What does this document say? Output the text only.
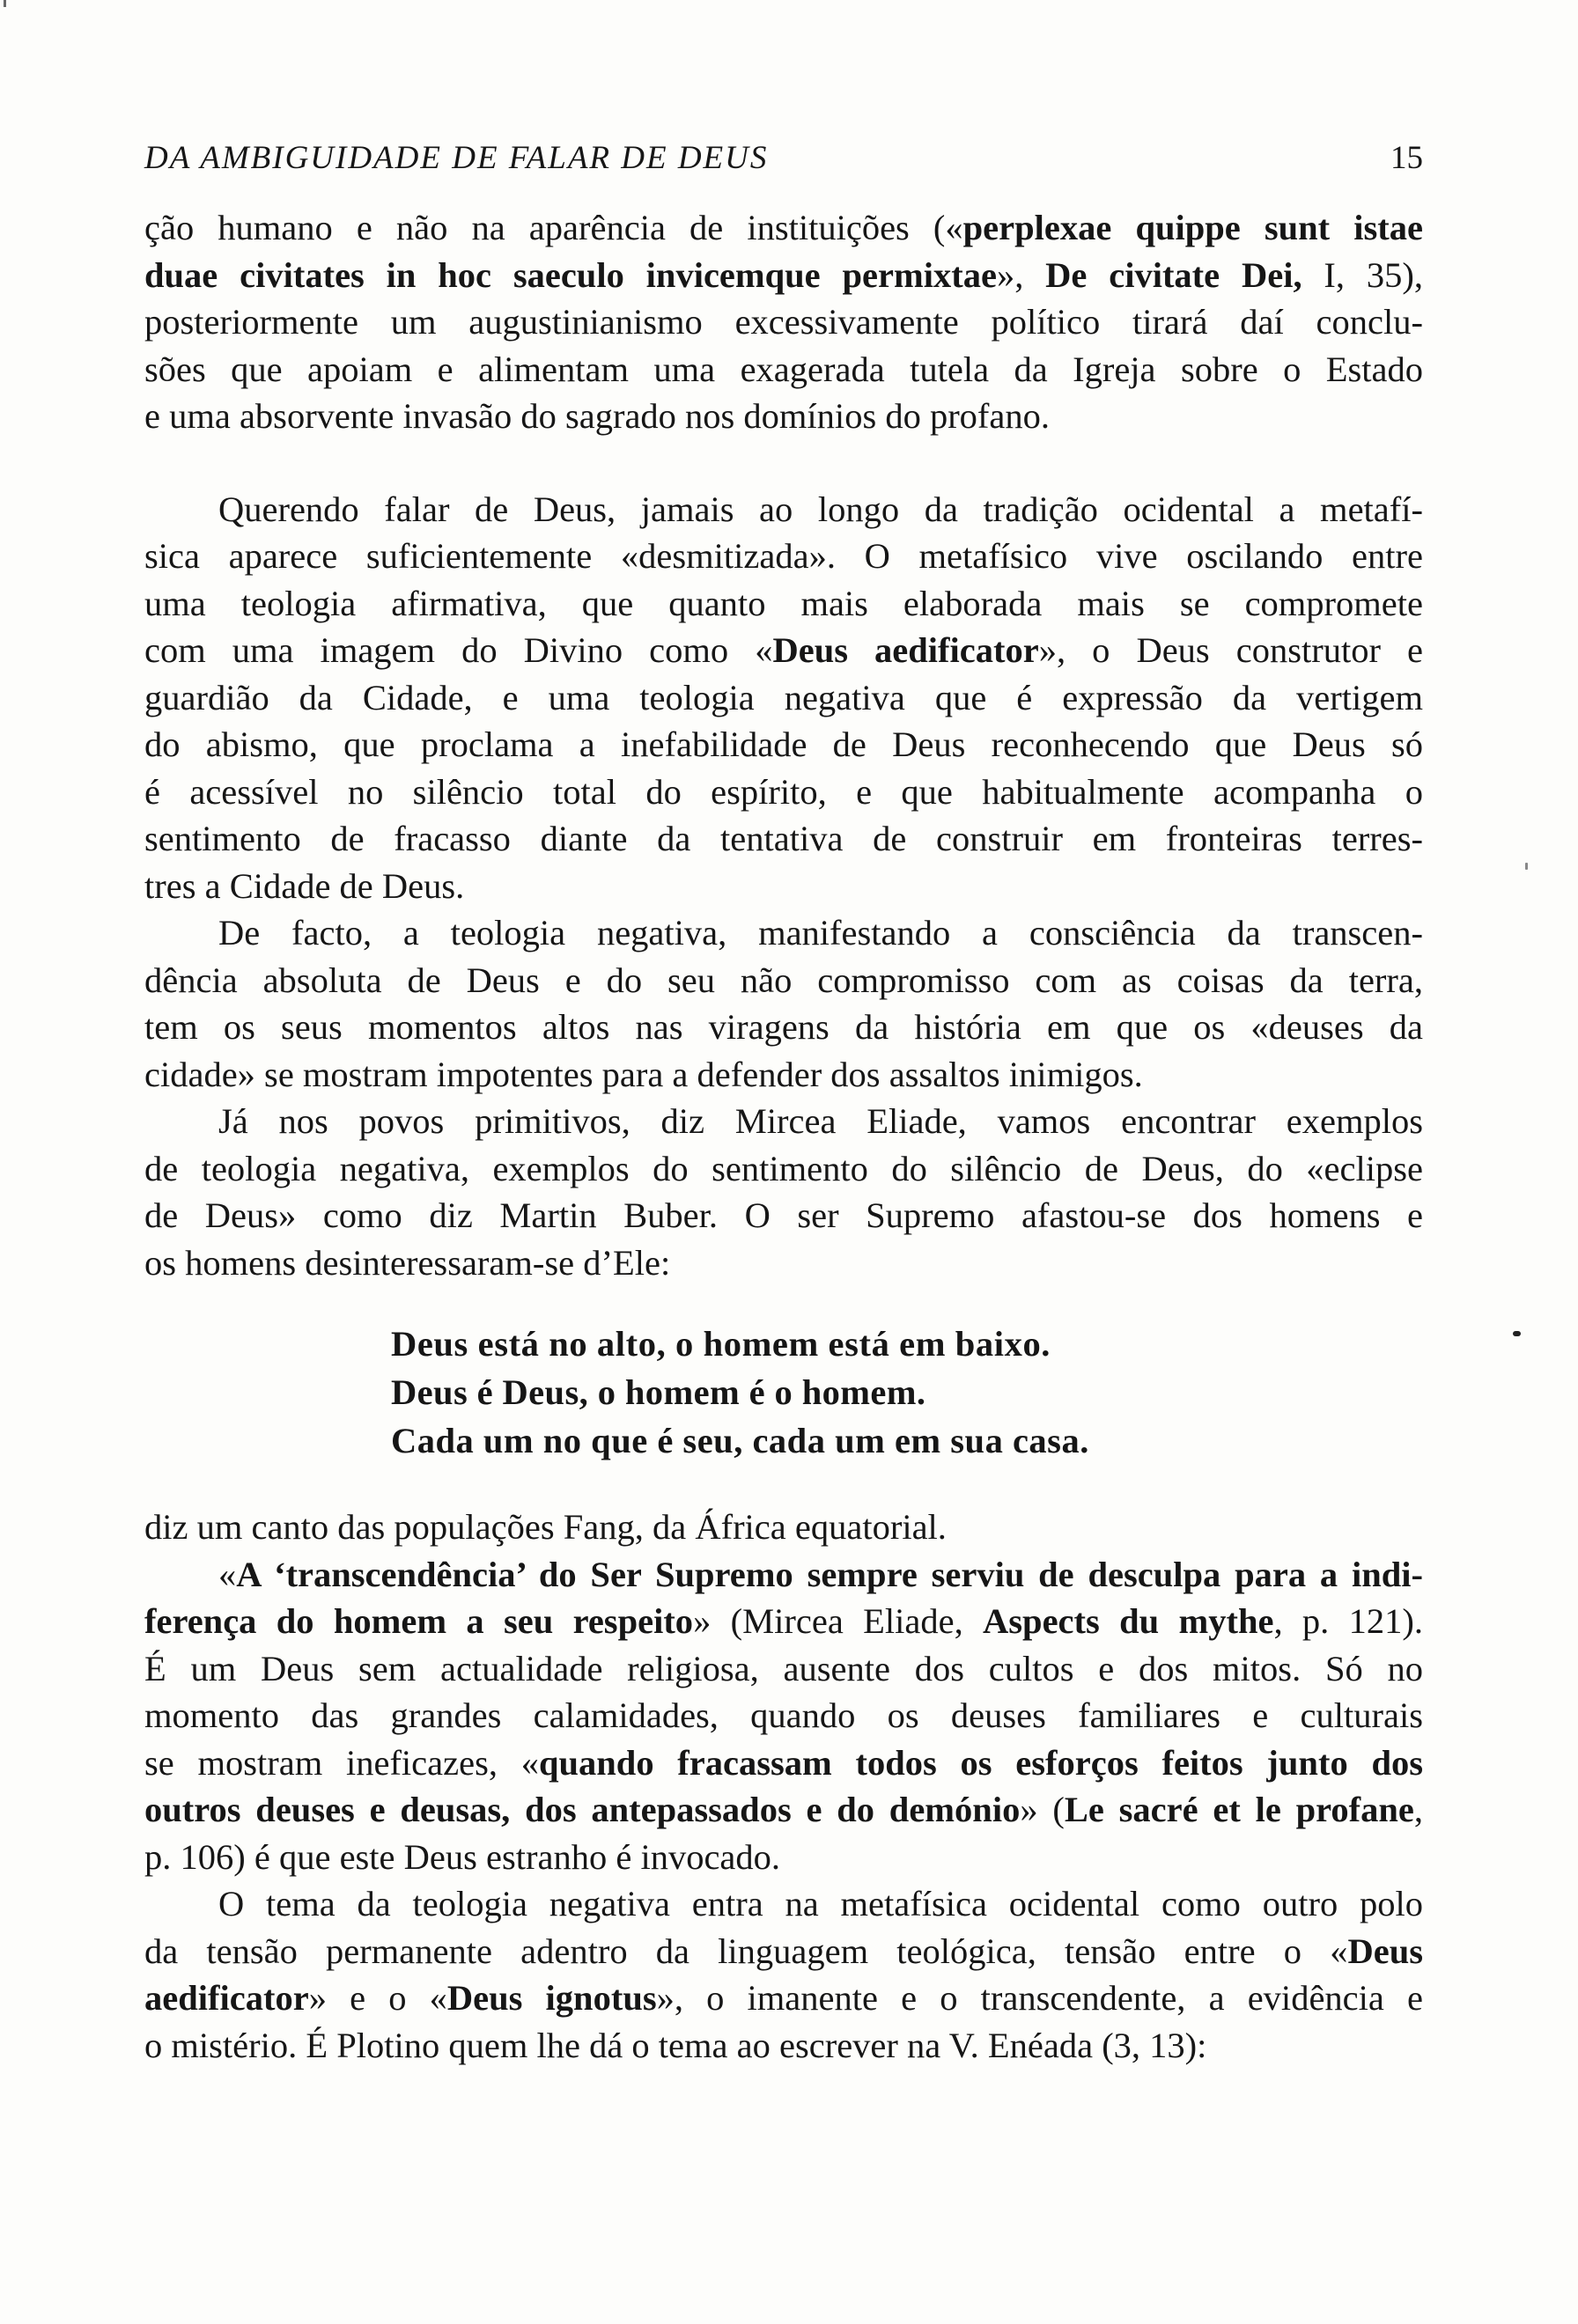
DA AMBIGUIDADE DE FALAR DE DEUS	15
ção humano e não na aparência de instituições («perplexae quippe sunt istae
duae civitates in hoc saeculo invicemque permixtae», De civitate Dei, I, 35),
posteriormente um augustinianismo excessivamente político tirará daí conclu-
sões que apoiam e alimentam uma exagerada tutela da Igreja sobre o Estado
e uma absorvente invasão do sagrado nos domínios do profano.
Querendo falar de Deus, jamais ao longo da tradição ocidental a metafí-
sica aparece suficientemente «desmitizada». O metafísico vive oscilando entre
uma teologia afirmativa, que quanto mais elaborada mais se compromete
com uma imagem do Divino como «Deus aedificator», o Deus construtor e
guardião da Cidade, e uma teologia negativa que é expressão da vertigem
do abismo, que proclama a inefabilidade de Deus reconhecendo que Deus só
é acessível no silêncio total do espírito, e que habitualmente acompanha o
sentimento de fracasso diante da tentativa de construir em fronteiras terres-
tres a Cidade de Deus.
De facto, a teologia negativa, manifestando a consciência da transcen-
dência absoluta de Deus e do seu não compromisso com as coisas da terra,
tem os seus momentos altos nas viragens da história em que os «deuses da
cidade» se mostram impotentes para a defender dos assaltos inimigos.
Já nos povos primitivos, diz Mircea Eliade, vamos encontrar exemplos
de teologia negativa, exemplos do sentimento do silêncio de Deus, do «eclipse
de Deus» como diz Martin Buber. O ser Supremo afastou-se dos homens e
os homens desinteressaram-se d’Ele:
Deus está no alto, o homem está em baixo.
Deus é Deus, o homem é o homem.
Cada um no que é seu, cada um em sua casa.
diz um canto das populações Fang, da África equatorial.
«A ‘transcendência’ do Ser Supremo sempre serviu de desculpa para a indi-
ferença do homem a seu respeito» (Mircea Eliade, Aspects du mythe, p. 121).
É um Deus sem actualidade religiosa, ausente dos cultos e dos mitos. Só no
momento das grandes calamidades, quando os deuses familiares e culturais
se mostram ineficazes, «quando fracassam todos os esforços feitos junto dos
outros deuses e deusas, dos antepassados e do demónio» (Le sacré et le profane,
p. 106) é que este Deus estranho é invocado.
O tema da teologia negativa entra na metafísica ocidental como outro polo
da tensão permanente adentro da linguagem teológica, tensão entre o «Deus
aedificator» e o «Deus ignotus», o imanente e o transcendente, a evidência e
o mistério. É Plotino quem lhe dá o tema ao escrever na V. Enéada (3, 13):
